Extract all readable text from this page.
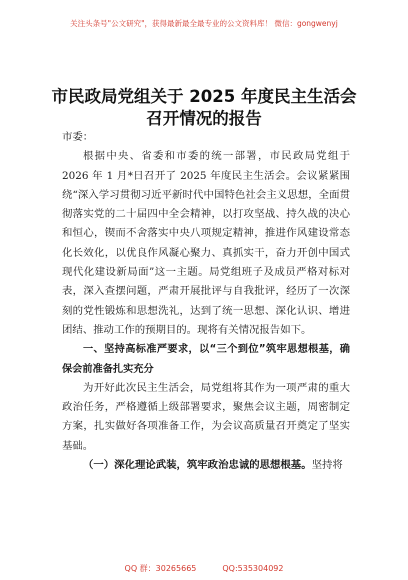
关注头条号"公文研究"，获得最新最全最专业的公文资料库！ 微信：gongwenyj
市民政局党组关于 2025 年度民主生活会
召开情况的报告

市委：

根据中央、省委和市委的统一部署，市民政局党组于 2026 年 1 月*日召开了 2025 年度民主生活会。会议紧紧围绕“深入学习贯彻习近平新时代中国特色社会主义思想，全面贯彻落实党的二十届四中全会精神，以打攻坚战、持久战的决心和恒心，锲而不舍落实中央八项规定精神，推进作风建设常态化长效化，以优良作风凝心聚力、真抓实干，奋力开创中国式现代化建设新局面”这一主题。局党组班子及成员严格对标对表，深入查摆问题，严肃开展批评与自我批评，经历了一次深刻的党性锻炼和思想洗礼，达到了统一思想、深化认识、增进团结、推动工作的预期目的。现将有关情况报告如下。

一、坚持高标准严要求，以“三个到位”筑牢思想根基，确保会前准备扎实充分

为开好此次民主生活会，局党组将其作为一项严肃的重大政治任务，严格遵循上级部署要求，聚焦会议主题，周密制定方案，扎实做好各项准备工作，为会议高质量召开奠定了坚实基础。

（一）深化理论武装，筑牢政治忠诚的思想根基。坚持将

QQ 群：30265665	QQ:535304092
